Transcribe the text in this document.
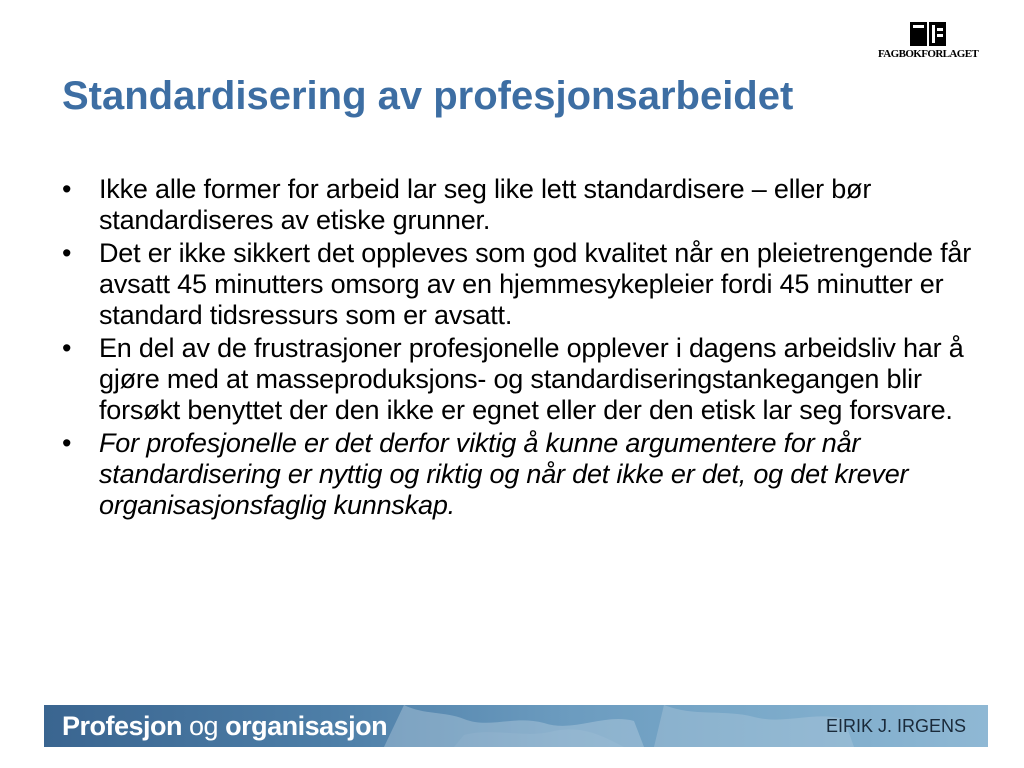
FAGBOKFORLAGET
Standardisering av profesjonsarbeidet
•	Ikke alle former for arbeid lar seg like lett standardisere – eller bør standardiseres av etiske grunner.
•	Det er ikke sikkert det oppleves som god kvalitet når en pleietrengende får avsatt 45 minutters omsorg av en hjemmesykepleier fordi 45 minutter er standard tidsressurs som er avsatt.
•	En del av de frustrasjoner profesjonelle opplever i dagens arbeidsliv har å gjøre med at masseproduksjons- og standardiseringstankegangen blir forsøkt benyttet der den ikke er egnet eller der den etisk lar seg forsvare.
•	For profesjonelle er det derfor viktig å kunne argumentere for når standardisering er nyttig og riktig og når det ikke er det, og det krever organisasjonsfaglig kunnskap.
Profesjon og organisasjon	EIRIK J. IRGENS
